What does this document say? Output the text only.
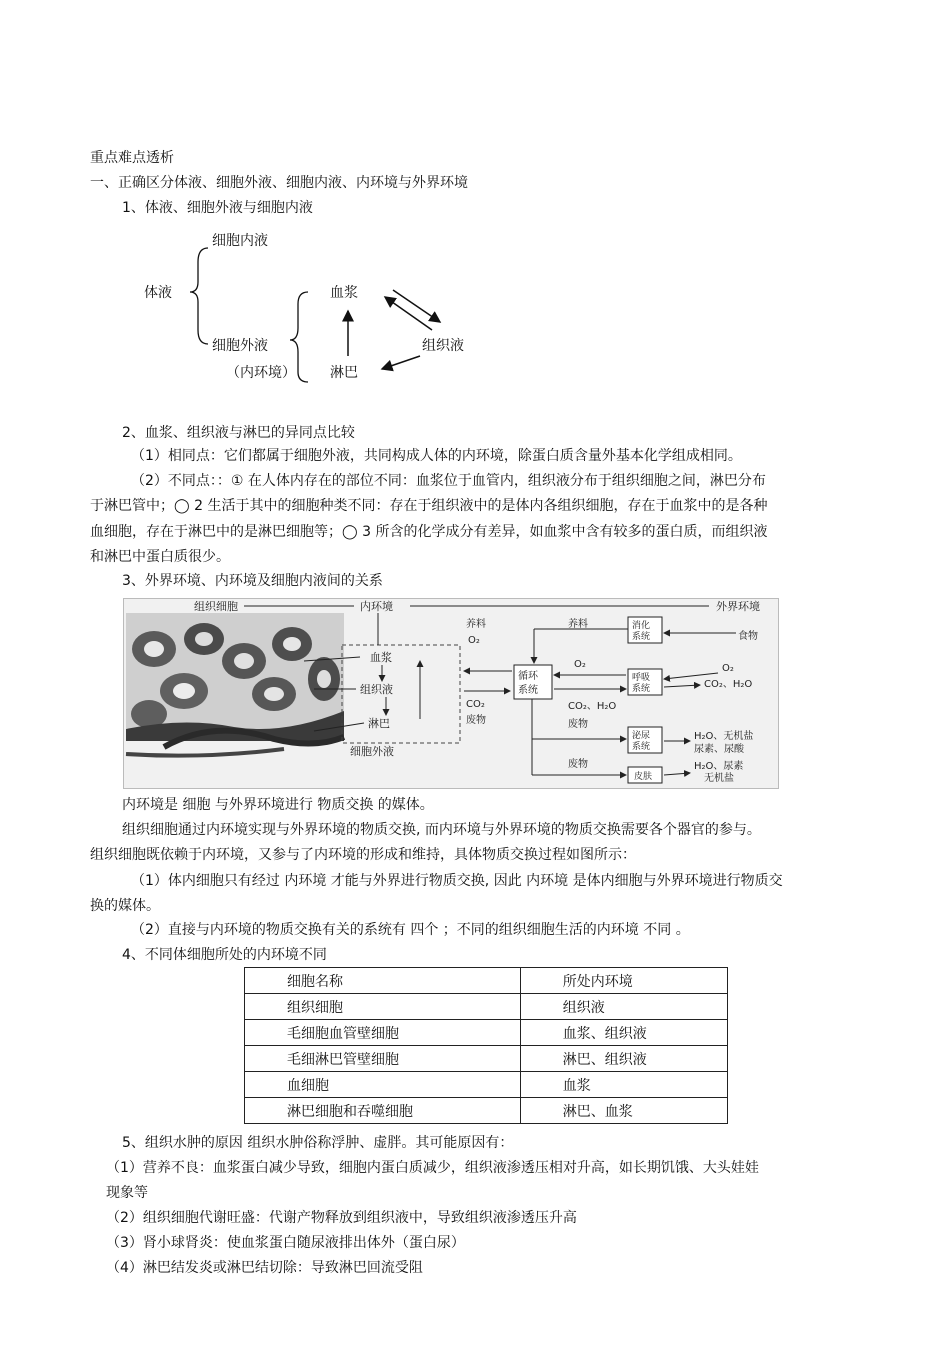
重点难点透析
一、正确区分体液、细胞外液、细胞内液、内环境与外界环境
1、体液、细胞外液与细胞内液
细胞内液
体液
细胞外液
（内环境）
血浆
组织液
淋巴
2、血浆、组织液与淋巴的异同点比较
（1）相同点：它们都属于细胞外液，共同构成人体的内环境，除蛋白质含量外基本化学组成相同。
（2）不同点：：① 在人体内存在的部位不同：血浆位于血管内，组织液分布于组织细胞之间，淋巴分布
于淋巴管中；◯ 2 生活于其中的细胞种类不同：存在于组织液中的是体内各组织细胞，存在于血浆中的是各种
血细胞，存在于淋巴中的是淋巴细胞等；◯ 3 所含的化学成分有差异，如血浆中含有较多的蛋白质，而组织液
和淋巴中蛋白质很少。
3、外界环境、内环境及细胞内液间的关系
组织细胞	内环境	外界环境
血浆
组织液
淋巴
细胞外液
养料
O₂
CO₂
废物
循环
系统
养料	消化
系统	食物
O₂
呼吸
系统
CO₂、H₂O
O₂
CO₂、H₂O
废物
泌尿
系统
H₂O、无机盐
尿素、尿酸
废物
皮肤
H₂O、尿素
无机盐
内环境是 细胞 与外界环境进行 物质交换 的媒体。
组织细胞通过内环境实现与外界环境的物质交换, 而内环境与外界环境的物质交换需要各个器官的参与。
组织细胞既依赖于内环境，又参与了内环境的形成和维持，具体物质交换过程如图所示：
（1）体内细胞只有经过 内环境 才能与外界进行物质交换, 因此 内环境 是体内细胞与外界环境进行物质交
换的媒体。
（2）直接与内环境的物质交换有关的系统有 四个 ；不同的组织细胞生活的内环境 不同 。
4、不同体细胞所处的内环境不同
细胞名称	所处内环境
组织细胞	组织液
毛细胞血管壁细胞	血浆、组织液
毛细淋巴管壁细胞	淋巴、组织液
血细胞	血浆
淋巴细胞和吞噬细胞	淋巴、血浆
5、组织水肿的原因 组织水肿俗称浮肿、虚胖。其可能原因有：
（1）营养不良：血浆蛋白减少导致，细胞内蛋白质减少，组织液渗透压相对升高，如长期饥饿、大头娃娃
现象等
（2）组织细胞代谢旺盛：代谢产物释放到组织液中，导致组织液渗透压升高
（3）肾小球肾炎：使血浆蛋白随尿液排出体外（蛋白尿）
（4）淋巴结发炎或淋巴结切除：导致淋巴回流受阻
